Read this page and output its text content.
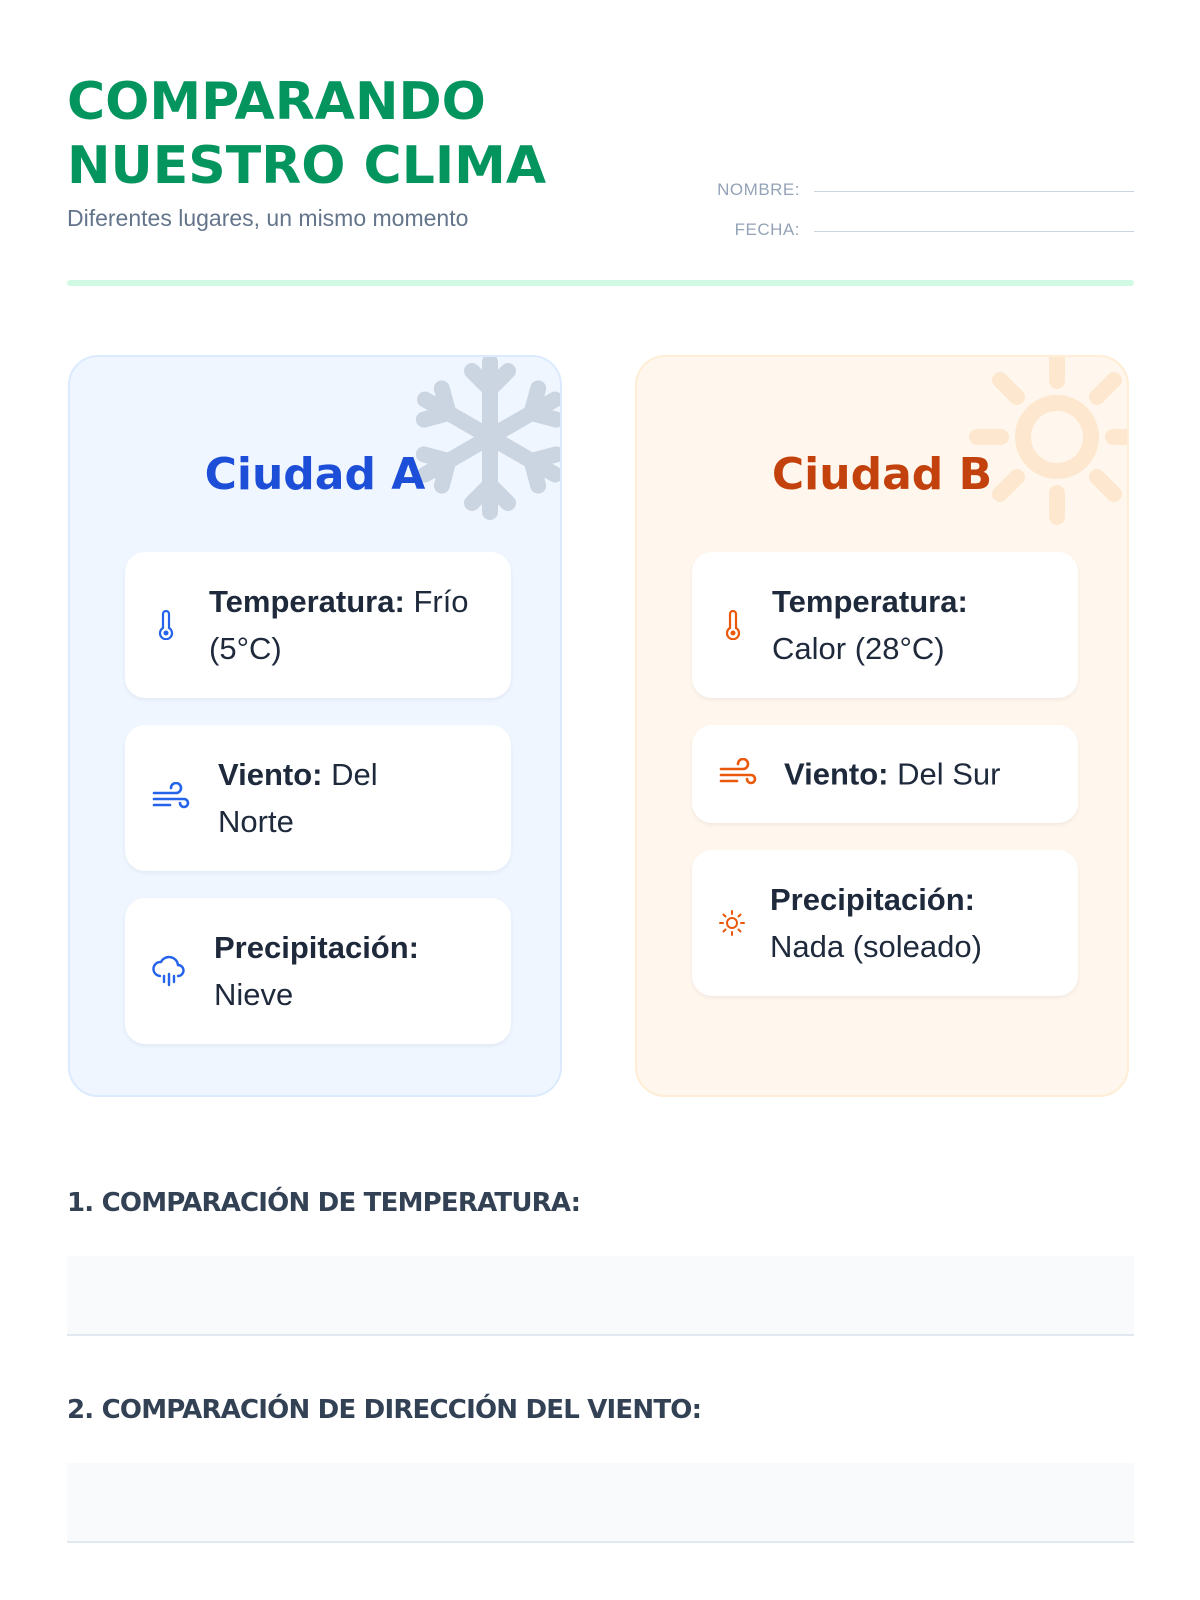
COMPARANDO
NUESTRO CLIMA

Diferentes lugares, un mismo momento

NOMBRE:
FECHA:
Ciudad A
Temperatura: Frío
(5°C)
Viento: Del
Norte
Precipitación:
Nieve
Ciudad B
Temperatura:
Calor (28°C)
Viento: Del Sur
Precipitación:
Nada (soleado)
1. COMPARACIÓN DE TEMPERATURA:
2. COMPARACIÓN DE DIRECCIÓN DEL VIENTO:
